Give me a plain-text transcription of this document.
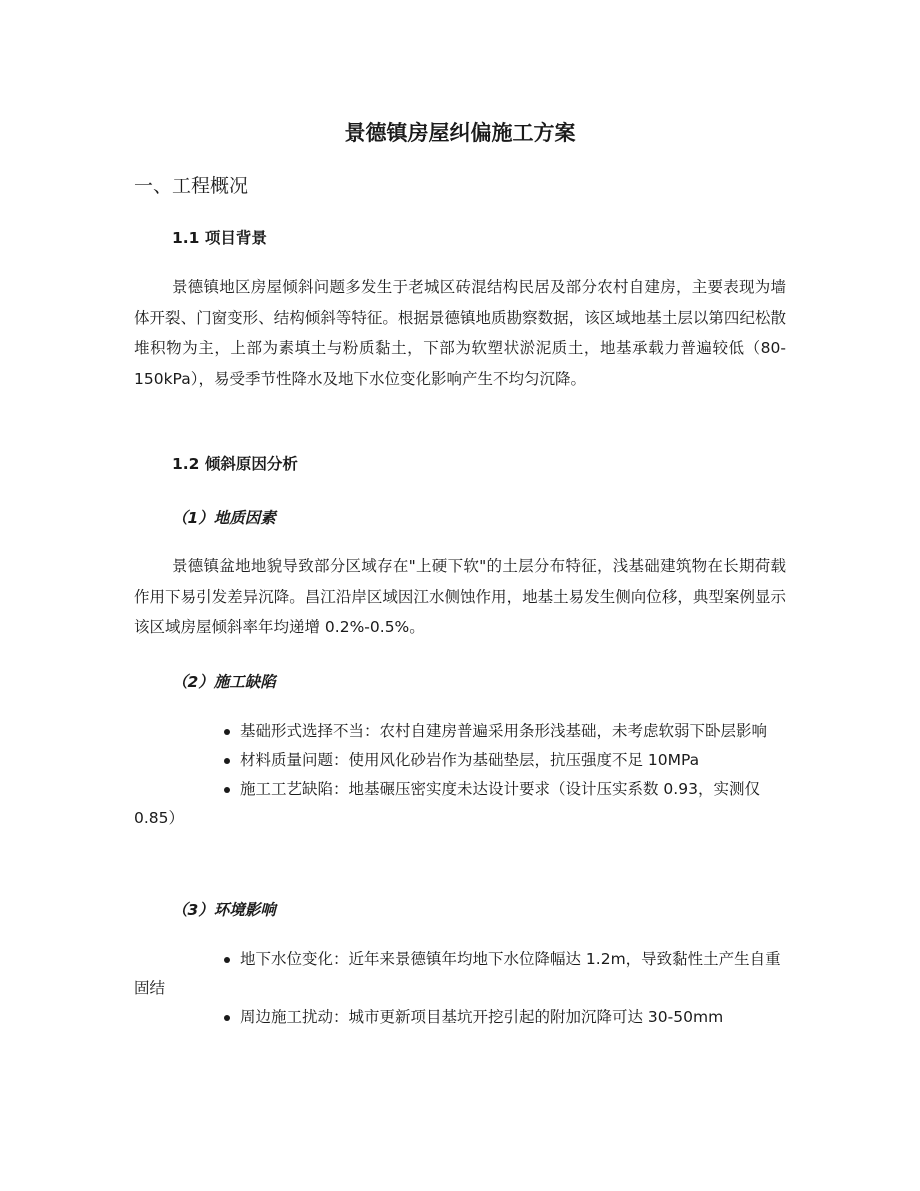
景德镇房屋纠偏施工方案
一、工程概况
1.1 项目背景

景德镇地区房屋倾斜问题多发生于老城区砖混结构民居及部分农村自建房，主要表现为墙体开裂、门窗变形、结构倾斜等特征。根据景德镇地质勘察数据，该区域地基土层以第四纪松散堆积物为主，上部为素填土与粉质黏土，下部为软塑状淤泥质土，地基承载力普遍较低（80-150kPa），易受季节性降水及地下水位变化影响产生不均匀沉降。

1.2 倾斜原因分析
（1）地质因素

景德镇盆地地貌导致部分区域存在"上硬下软"的土层分布特征，浅基础建筑物在长期荷载作用下易引发差异沉降。昌江沿岸区域因江水侧蚀作用，地基土易发生侧向位移，典型案例显示该区域房屋倾斜率年均递增 0.2%-0.5%。

（2）施工缺陷
基础形式选择不当：农村自建房普遍采用条形浅基础，未考虑软弱下卧层影响
材料质量问题：使用风化砂岩作为基础垫层，抗压强度不足 10MPa
施工工艺缺陷：地基碾压密实度未达设计要求（设计压实系数 0.93，实测仅 0.85）
（3）环境影响
地下水位变化：近年来景德镇年均地下水位降幅达 1.2m，导致黏性土产生自重固结
周边施工扰动：城市更新项目基坑开挖引起的附加沉降可达 30-50mm
